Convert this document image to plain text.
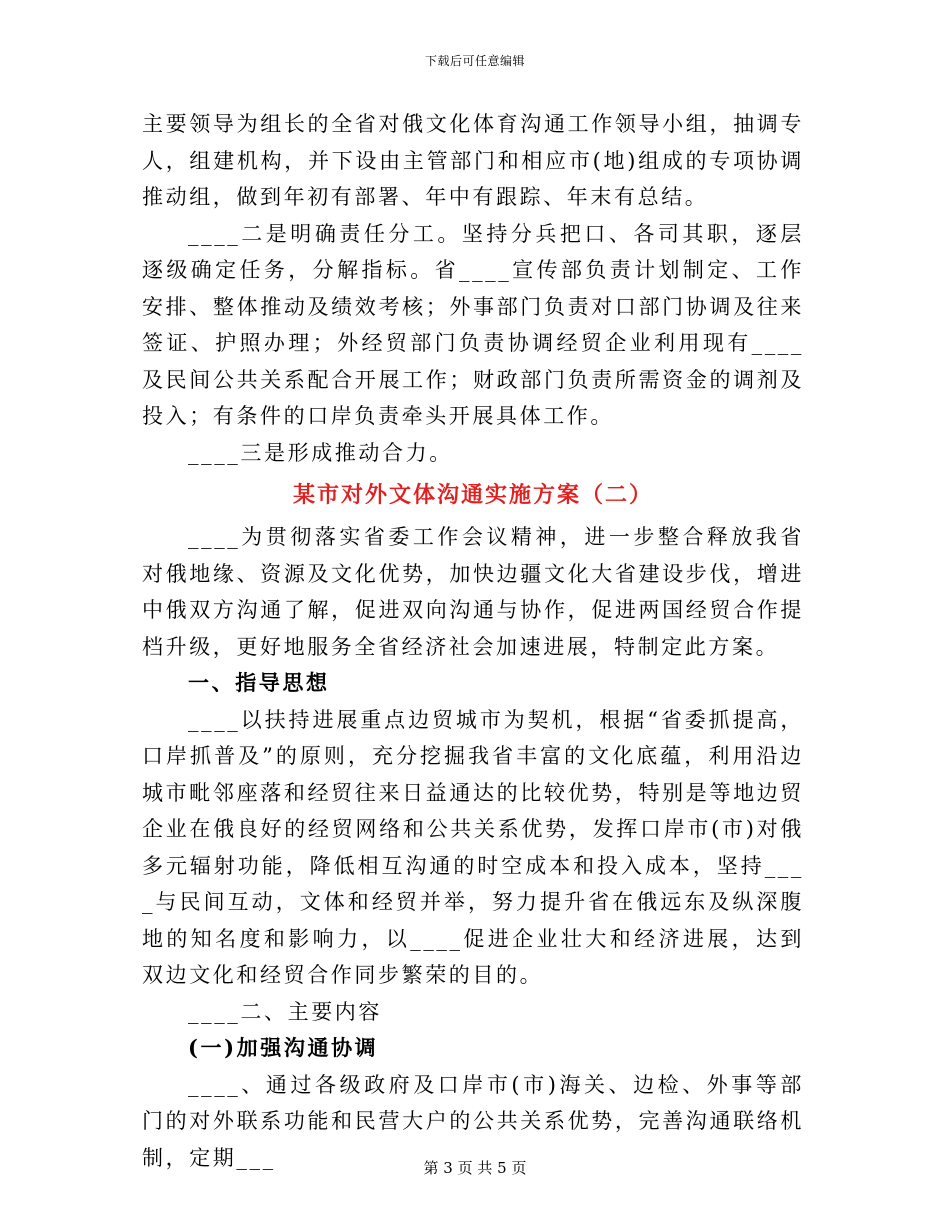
下载后可任意编辑

主要领导为组长的全省对俄文化体育沟通工作领导小组，抽调专人，组建机构，并下设由主管部门和相应市(地)组成的专项协调推动组，做到年初有部署、年中有跟踪、年末有总结。

____二是明确责任分工。坚持分兵把口、各司其职，逐层逐级确定任务，分解指标。省____宣传部负责计划制定、工作安排、整体推动及绩效考核；外事部门负责对口部门协调及往来签证、护照办理；外经贸部门负责协调经贸企业利用现有____及民间公共关系配合开展工作；财政部门负责所需资金的调剂及投入；有条件的口岸负责牵头开展具体工作。

____三是形成推动合力。

某市对外文体沟通实施方案（二）

____为贯彻落实省委工作会议精神，进一步整合释放我省对俄地缘、资源及文化优势，加快边疆文化大省建设步伐，增进中俄双方沟通了解，促进双向沟通与协作，促进两国经贸合作提档升级，更好地服务全省经济社会加速进展，特制定此方案。

一、指导思想

____以扶持进展重点边贸城市为契机，根据“省委抓提高，口岸抓普及”的原则，充分挖掘我省丰富的文化底蕴，利用沿边城市毗邻座落和经贸往来日益通达的比较优势，特别是等地边贸企业在俄良好的经贸网络和公共关系优势，发挥口岸市(市)对俄多元辐射功能，降低相互沟通的时空成本和投入成本，坚持____与民间互动，文体和经贸并举，努力提升省在俄远东及纵深腹地的知名度和影响力，以____促进企业壮大和经济进展，达到双边文化和经贸合作同步繁荣的目的。

____二、主要内容

(一)加强沟通协调

____、通过各级政府及口岸市(市)海关、边检、外事等部门的对外联系功能和民营大户的公共关系优势，完善沟通联络机制，定期___	第 3 页 共 5 页
